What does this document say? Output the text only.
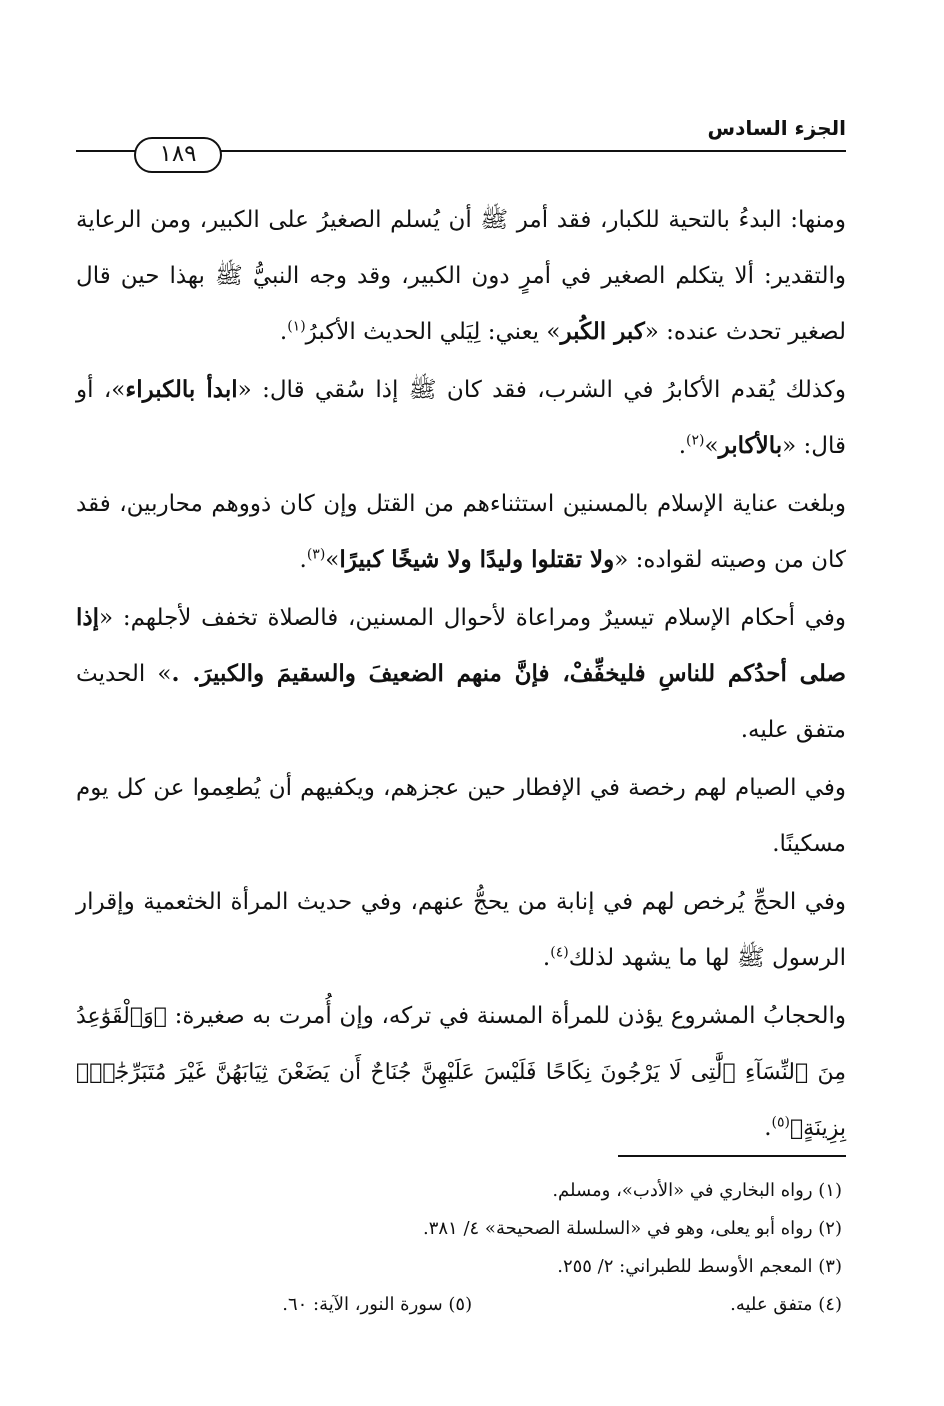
الجزء السادس
١٨٩

ومنها: البدءُ بالتحية للكبار، فقد أمر ﷺ أن يُسلم الصغيرُ على الكبير، ومن الرعاية والتقدير: ألا يتكلم الصغير في أمرٍ دون الكبير، وقد وجه النبيُّ ﷺ بهذا حين قال لصغير تحدث عنده: «كبر الكُبر» يعني: لِيَلي الحديث الأكبرُ$^{(١)}$.

وكذلك يُقدم الأكابرُ في الشرب، فقد كان ﷺ إذا سُقي قال: «ابدأ بالكبراء»، أو قال: «بالأكابر»$^{(٢)}$.

وبلغت عناية الإسلام بالمسنين استثناءهم من القتل وإن كان ذووهم محاربين، فقد كان من وصيته لقواده: «ولا تقتلوا وليدًا ولا شيخًا كبيرًا»$^{(٣)}$.

وفي أحكام الإسلام تيسيرٌ ومراعاة لأحوال المسنين، فالصلاة تخفف لأجلهم: «إذا صلى أحدُكم للناسِ فليخفِّفْ، فإنَّ منهم الضعيفَ والسقيمَ والكبيرَ. .» الحديث متفق عليه.

وفي الصيام لهم رخصة في الإفطار حين عجزهم، ويكفيهم أن يُطعِموا عن كل يوم مسكينًا.

وفي الحجِّ يُرخص لهم في إنابة من يحجُّ عنهم، وفي حديث المرأة الخثعمية وإقرار الرسول ﷺ لها ما يشهد لذلك$^{(٤)}$.

والحجابُ المشروع يؤذن للمرأة المسنة في تركه، وإن أُمرت به صغيرة: ﴿وَٱلْقَوَٰعِدُ مِنَ ٱلنِّسَآءِ ٱلَّٰتِى لَا يَرْجُونَ نِكَاحًا فَلَيْسَ عَلَيْهِنَّ جُنَاحٌ أَن يَضَعْنَ ثِيَابَهُنَّ غَيْرَ مُتَبَرِّجَٰتٍۭ بِزِينَةٍ﴾$^{(٥)}$.

(١) رواه البخاري في «الأدب»، ومسلم.
(٢) رواه أبو يعلى، وهو في «السلسلة الصحيحة» ٤/ ٣٨١.
(٣) المعجم الأوسط للطبراني: ٢/ ٢٥٥.
(٤) متفق عليه.
(٥) سورة النور، الآية: ٦٠.
